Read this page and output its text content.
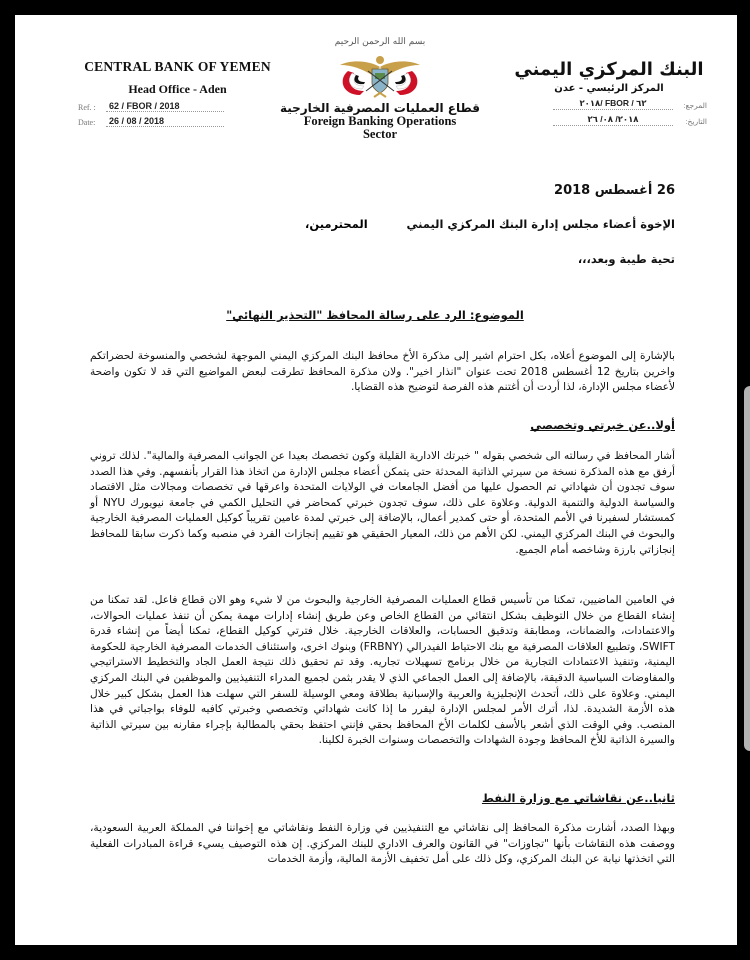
CENTRAL BANK OF YEMEN
Head Office - Aden
Ref. :	62 / FBOR / 2018
Date:	26 / 08 / 2018
بسم الله الرحمن الرحيم
قطاع العمليات المصرفية الخارجية
Foreign Banking Operations
Sector
البنك المركزي اليمني
المركز الرئيسي - عدن
المرجع:
٢٠١٨/ FBOR / ٦٢
التاريخ:
٢٠١٨/ ٠٨/ ٢٦
26 أغسطس 2018
الإخوة أعضاء مجلس إدارة البنك المركزي اليمني
المحترمين،
تحية طيبة وبعد،،،
الموضوع: الرد على رسالة المحافظ "التحذير النهائي"
بالإشارة إلى الموضوع أعلاه، بكل احترام اشير إلى مذكرة الأخ محافظ البنك المركزي اليمني الموجهة لشخصي والمنسوخة لحضراتكم واخرين بتاريخ 12 أغسطس 2018 تحت عنوان "انذار اخير". ولان مذكرة المحافظ تطرقت لبعض المواضيع التي قد لا تكون واضحة لأعضاء مجلس الإدارة، لذا أردت أن أغتنم هذه الفرصة لتوضيح هذه القضايا.
أولا..عن خبرتي وتخصصي
أشار المحافظ في رسالته الى شخصي بقوله " خبرتك الادارية القليلة وكون تخصصك بعيدا عن الجوانب المصرفية والمالية". لذلك تروني أرفق مع هذه المذكرة نسخة من سيرتي الذاتية المحدثة حتى يتمكن أعضاء مجلس الإدارة من اتخاذ هذا القرار بأنفسهم. وفي هذا الصدد سوف تجدون أن شهاداتي تم الحصول عليها من أفضل الجامعات في الولايات المتحدة واعرقها في تخصصات ومجالات مثل الاقتصاد والسياسة الدولية والتنمية الدولية. وعلاوة على ذلك، سوف تجدون خبرتي كمحاضر في التحليل الكمي في جامعة نيويورك NYU أو كمستشار لسفيرنا في الأمم المتحدة، أو حتى كمدير أعمال، بالإضافة إلى خبرتي لمدة عامين تقريباً كوكيل العمليات المصرفية الخارجية والبحوث في البنك المركزي اليمني. لكن الأهم من ذلك، المعيار الحقيقي هو تقييم إنجازات الفرد في منصبه وكما ذكرت سابقا للمحافظ إنجازاتي بارزة وشاخصه أمام الجميع.
في العامين الماضيين، تمكنا من تأسيس قطاع العمليات المصرفية الخارجية والبحوث من لا شيء وهو الان قطاع فاعل. لقد تمكنا من إنشاء القطاع من خلال التوظيف بشكل انتقائي من القطاع الخاص وعن طريق إنشاء إدارات مهمة يمكن أن تنفذ عمليات الحوالات، والاعتمادات، والضمانات، ومطابقة وتدقيق الحسابات، والعلاقات الخارجية. خلال فترتي كوكيل القطاع، تمكنا أيضاً من إنشاء قدرة SWIFT، وتطبيع العلاقات المصرفية مع بنك الاحتياط الفيدرالي (FRBNY) وبنوك اخرى، واستئناف الخدمات المصرفية الخارجية للحكومة اليمنية، وتنفيذ الاعتمادات التجارية من خلال برنامج تسهيلات تجاريه. وقد تم تحقيق ذلك نتيجة العمل الجاد والتخطيط الاستراتيجي والمفاوضات السياسية الدقيقة، بالإضافة إلى العمل الجماعي الذي لا يقدر بثمن لجميع المدراء التنفيذيين والموظفين في البنك المركزي اليمني. وعلاوة على ذلك، أتحدث الإنجليزية والعربية والإسبانية بطلاقة ومعي الوسيلة للسفر التي سهلت هذا العمل بشكل كبير خلال هذه الأزمة الشديدة. لذا، أترك الأمر لمجلس الإدارة ليقرر ما إذا كانت شهاداتي وتخصصي وخبرتي كافيه للوفاء بواجباتي في هذا المنصب. وفي الوقت الذي أشعر بالأسف لكلمات الأخ المحافظ بحقي فإنني احتفظ بحقي بالمطالبة بإجراء مقارنه بين سيرتي الذاتية والسيرة الذاتية للأخ المحافظ وجودة الشهادات والتخصصات وسنوات الخبرة لكلينا.
ثانيا..عن نقاشاتي مع وزارة النفط
وبهذا الصدد، أشارت مذكرة المحافظ إلى نقاشاتي مع التنفيذيين في وزارة النفط ونقاشاتي مع إخواننا في المملكة العربية السعودية، ووصفت هذه النقاشات بأنها "تجاوزات" في القانون والعرف الاداري للبنك المركزي. إن هذه التوصيف يسيء قراءة المبادرات الفعلية التي اتخذتها نيابة عن البنك المركزي، وكل ذلك على أمل تخفيف الأزمة المالية، وأزمة الخدمات
